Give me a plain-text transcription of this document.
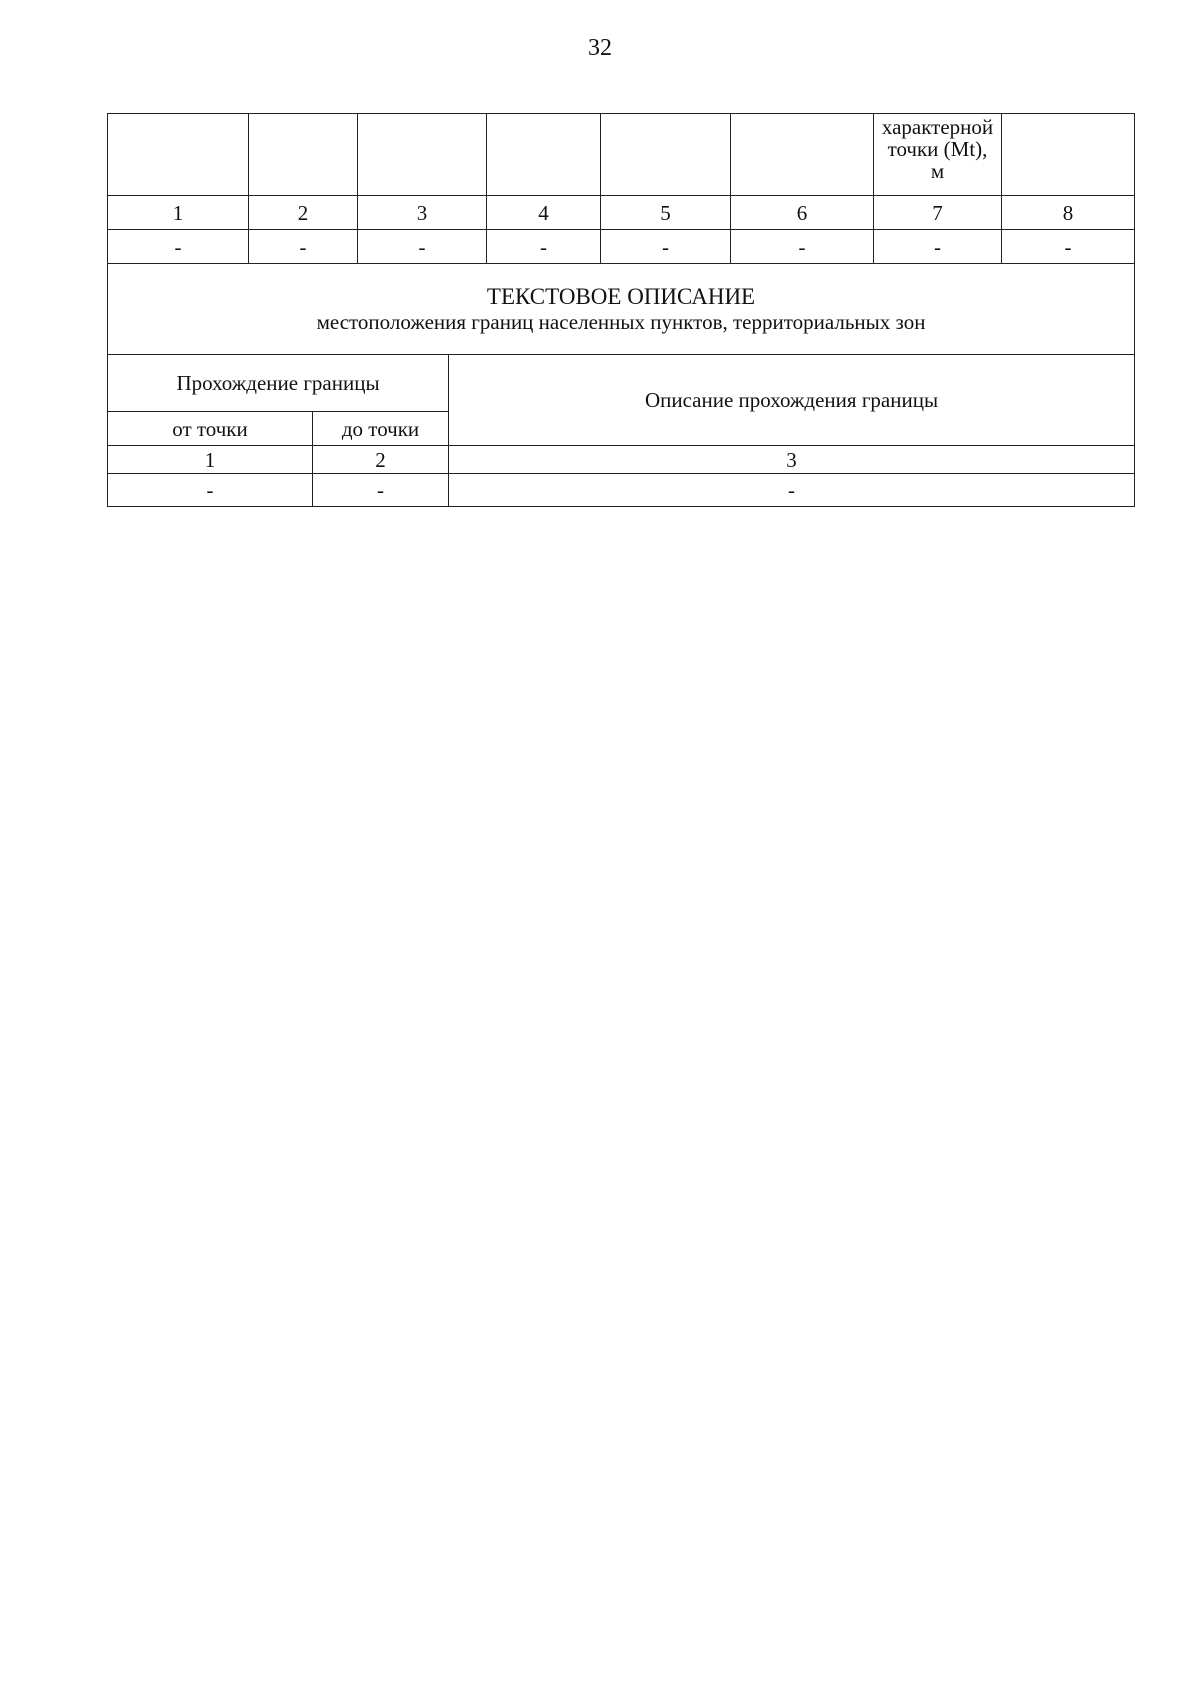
32

						характерной
точки (Mt),
м	

1	2	3	4	5	6	7	8
-	-	-	-	-	-	-	-

ТЕКСТОВОЕ ОПИСАНИЕ
местоположения границ населенных пунктов, территориальных зон							
Прохождение границы		Описание прохождения границы
от точки	до точки	
1	2	3
-	-	-
